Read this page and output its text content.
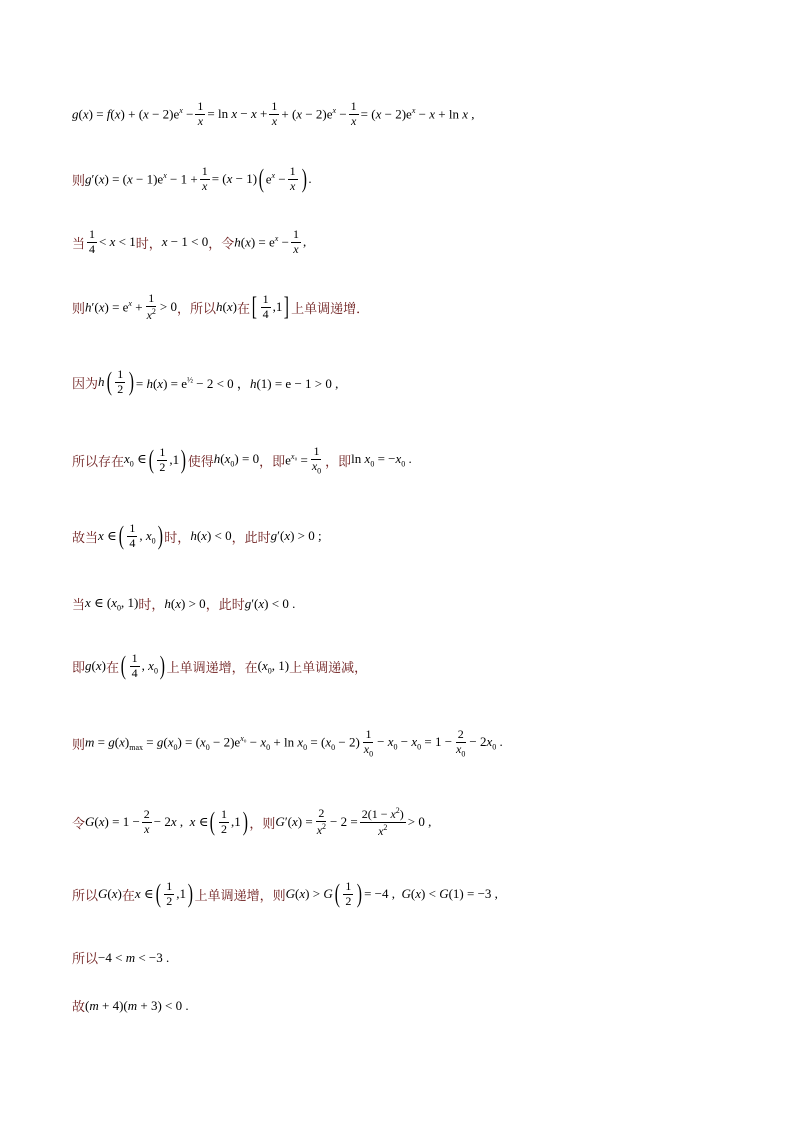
$g(x) = f(x) + (x - 2)e^x - \frac{1}{x} = \ln x - x + \frac{1}{x} + (x - 2)e^x - \frac{1}{x} = (x - 2)e^x - x + \ln x$ ,
则 $g'(x) = (x - 1)e^x - 1 + \frac{1}{x} = (x - 1)$ ( $e^x - \frac{1}{x}$ ) .
当 $\frac{1}{4} < x < 1$ 时， x − 1 < 0 ，令 $h(x) = e^x - \frac{1}{x}$ ,
则 $h'(x) = e^x + \frac{1}{x^2} > 0$ ，所以 h(x) 在 [ $\frac{1}{4} ,1$ ] 上单调递增．
因为 h ( $\frac{1}{2}$ ) = $h(x) = e^{\frac{1}{2}} - 2 < 0$ ，h(1) = e − 1 > 0 ,
所以存在 $x_0$ ∈ ( $\frac{1}{2} ,1$ ) 使得 $h(x_0) = 0$ ，即 $e^{x_0} = \frac{1}{x_0}$ ，即 $\ln x_0 = -x_0$ .
故当 x ∈ ( $\frac{1}{4}$ , $x_0$ ) 时， h(x) < 0 ，此时 g′(x) > 0 ;
当 x ∈ ($x_0$, 1) 时， h(x) > 0 ，此时 g′(x) < 0 .
即 g(x) 在 ( $\frac{1}{4}$ , $x_0$ ) 上单调递增，在 ($x_0$, 1) 上单调递减，
则 $m = g(x)_{max} = g(x_0) = (x_0 - 2)e^{x_0} - x_0 + \ln x_0 = (x_0 - 2) \frac{1}{x_0} - x_0 - x_0 = 1 - \frac{2}{x_0} - 2x_0$ .
令 $G(x) = 1 - \frac{2}{x} - 2x$ ,  x ∈ ( $\frac{1}{2} ,1$ ) ，则 $G'(x) = \frac{2}{x^2} - 2 = \frac{2(1 - x^2)}{x^2} > 0$ ,
所以 G(x) 在 x ∈ ( $\frac{1}{2} ,1$ ) 上单调递增，则 G(x) > G ( $\frac{1}{2}$ ) = −4 ,  G(x) < G(1) = −3 ,
所以 −4 < m < −3 .
故 (m + 4)(m + 3) < 0 .
